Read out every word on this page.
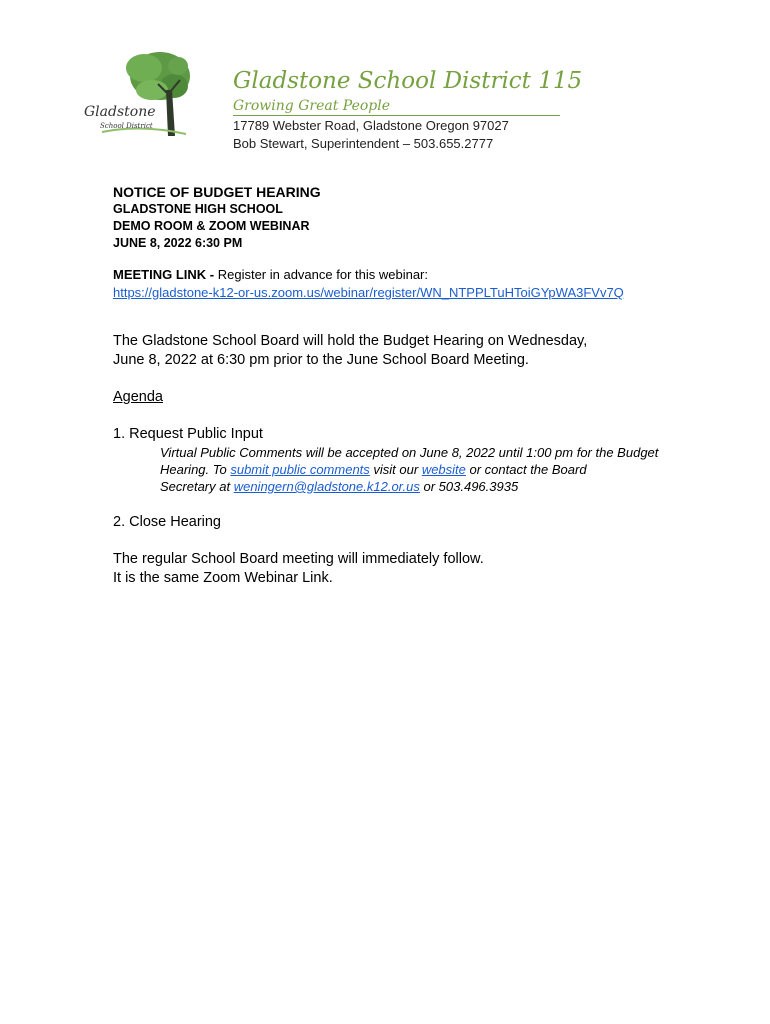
Gladstone
School District
Gladstone School District 115
Growing Great People
17789 Webster Road, Gladstone Oregon 97027
Bob Stewart, Superintendent – 503.655.2777
NOTICE OF BUDGET HEARING
GLADSTONE HIGH SCHOOL
DEMO ROOM & ZOOM WEBINAR
JUNE 8, 2022 6:30 PM
MEETING LINK - Register in advance for this webinar:
https://gladstone-k12-or-us.zoom.us/webinar/register/WN_NTPPLTuHToiGYpWA3FVv7Q
The Gladstone School Board will hold the Budget Hearing on Wednesday,
June 8, 2022 at 6:30 pm prior to the June School Board Meeting.
Agenda
1. Request Public Input
Virtual Public Comments will be accepted on June 8, 2022 until 1:00 pm for the Budget
Hearing. To submit public comments visit our website or contact the Board
Secretary at weningern@gladstone.k12.or.us or 503.496.3935
2. Close Hearing
The regular School Board meeting will immediately follow.
It is the same Zoom Webinar Link.
